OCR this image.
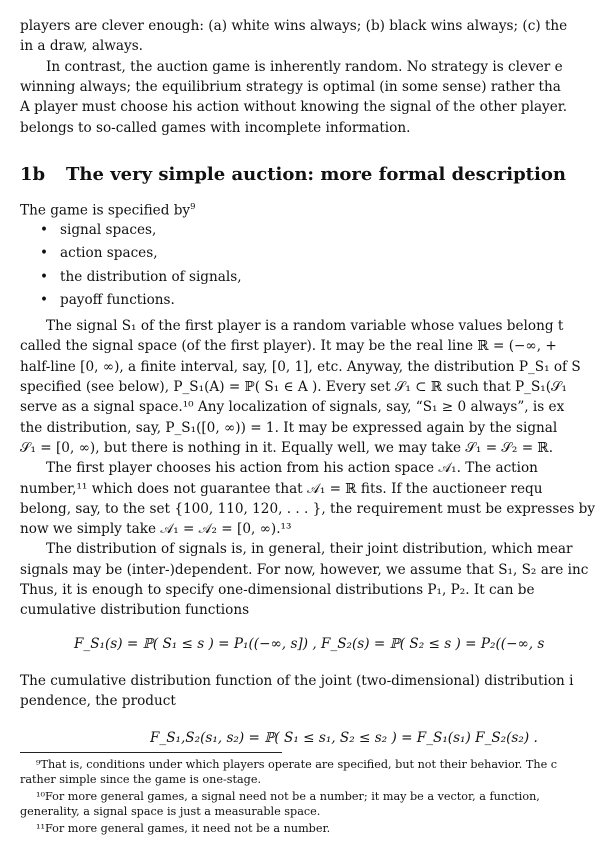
players are clever enough: (a) white wins always; (b) black wins always; (c) the
in a draw, always.
In contrast, the auction game is inherently random. No strategy is clever e
winning always; the equilibrium strategy is optimal (in some sense) rather tha
A player must choose his action without knowing the signal of the other player.
belongs to so-called games with incomplete information.
1b The very simple auction: more formal description
The game is specified $by^9$
• signal spaces,
• action spaces,
• the distribution of signals,
• payoff functions.
The signal S₁ of the first player is a random variable whose values belong t
called the signal space (of the first player). It may be the real line ℝ = (−∞, +
half-line [0, ∞), a finite interval, say, [0, 1], etc. Anyway, the distribution P_S₁ of S
specified (see below), P_S₁(A) = ℙ( S₁ ∈ A ). Every set 𝒮₁ ⊂ ℝ such that P_S₁(𝒮₁
serve as a signal space.¹⁰ Any localization of signals, say, “S₁ ≥ 0 always”, is ex
the distribution, say, P_S₁([0, ∞)) = 1. It may be expressed again by the signal
𝒮₁ = [0, ∞), but there is nothing in it. Equally well, we may take 𝒮₁ = 𝒮₂ = ℝ.
The first player chooses his action from his action space 𝒜₁. The action
number,¹¹ which does not guarantee that 𝒜₁ = ℝ fits. If the auctioneer requ
belong, say, to the set {100, 110, 120, . . . }, the requirement must be expresses by
now we simply take 𝒜₁ = 𝒜₂ = [0, ∞).¹³
The distribution of signals is, in general, their joint distribution, which mear
signals may be (inter-)dependent. For now, however, we assume that S₁, S₂ are inc
Thus, it is enough to specify one-dimensional distributions P₁, P₂. It can be
cumulative distribution functions
F_S₁(s) = ℙ( S₁ ≤ s ) = P₁((−∞, s]) , F_S₂(s) = ℙ( S₂ ≤ s ) = P₂((−∞, s
The cumulative distribution function of the joint (two-dimensional) distribution i
pendence, the product
F_S₁,S₂(s₁, s₂) = ℙ( S₁ ≤ s₁, S₂ ≤ s₂ ) = F_S₁(s₁) F_S₂(s₂) .
⁹That is, conditions under which players operate are specified, but not their behavior. The c
rather simple since the game is one-stage.
¹⁰For more general games, a signal need not be a number; it may be a vector, a function,
generality, a signal space is just a measurable space.
¹¹For more general games, it need not be a number.
